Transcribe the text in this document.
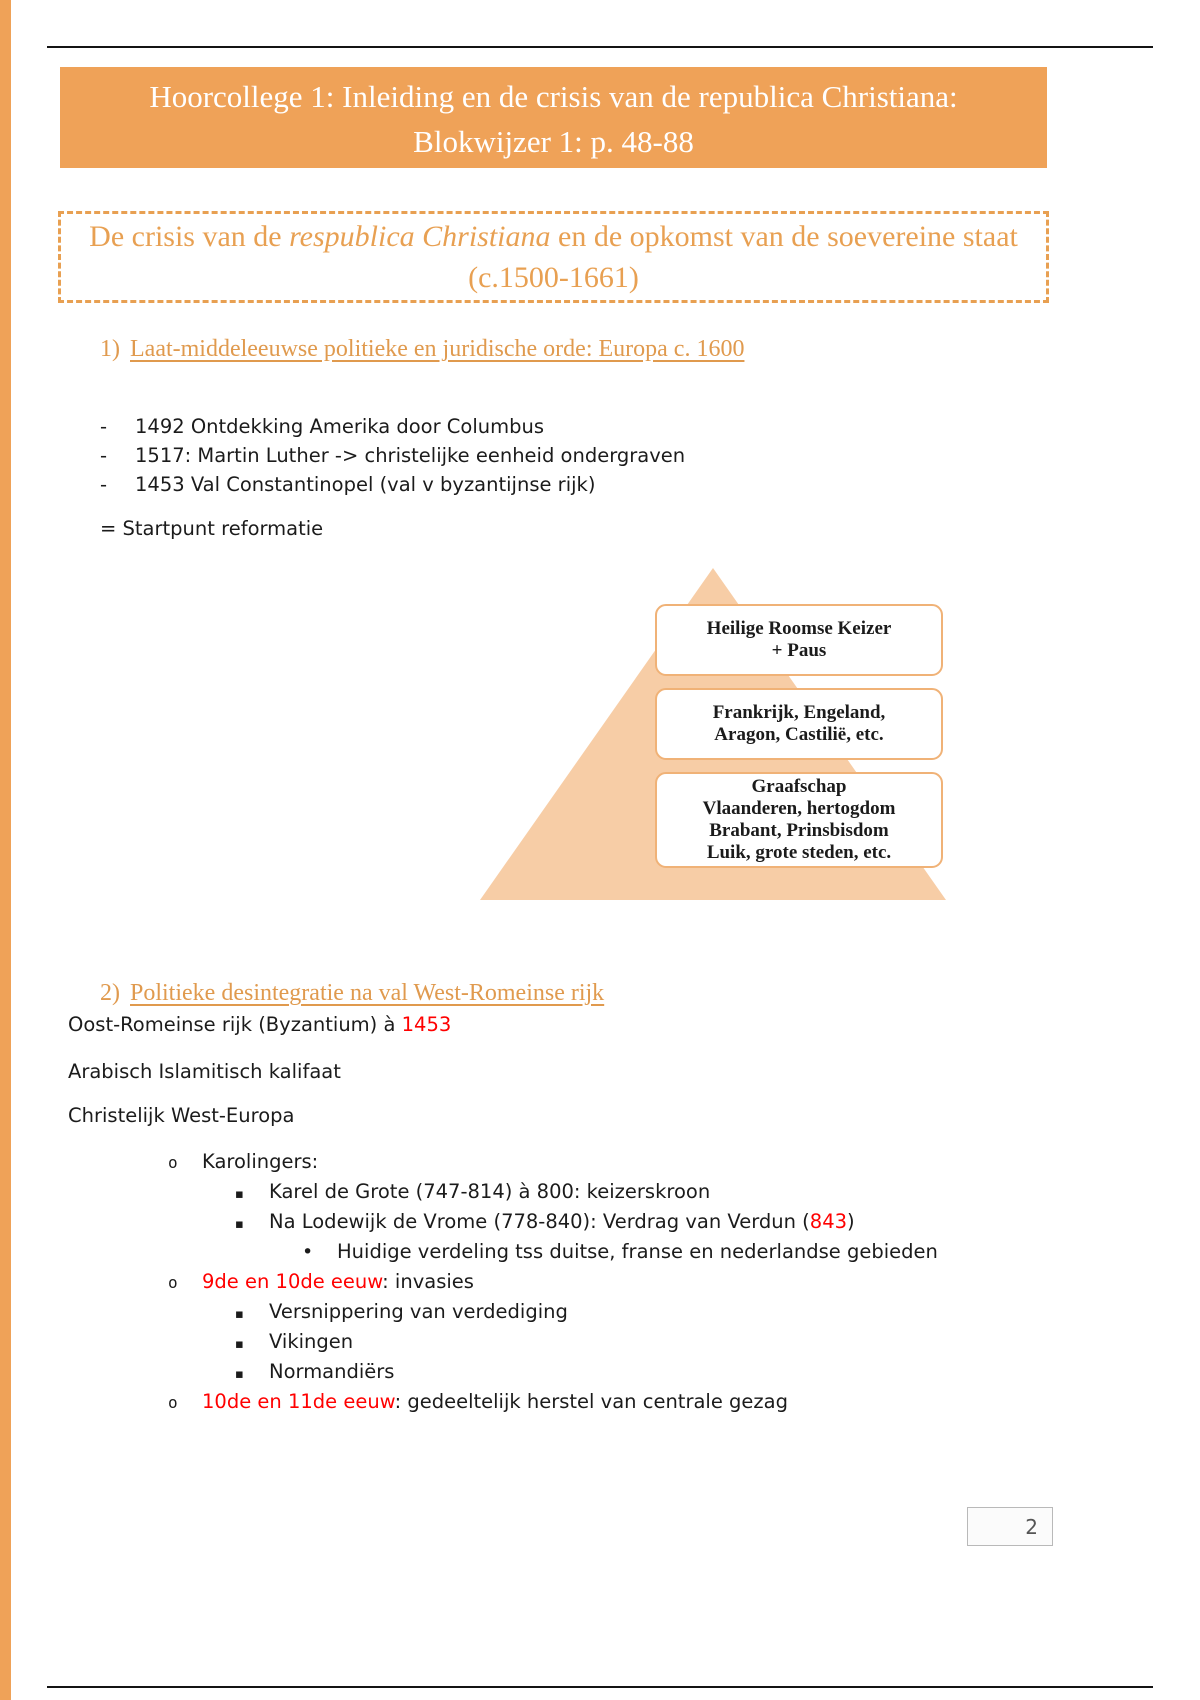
Hoorcollege 1: Inleiding en de crisis van de republica Christiana:
Blokwijzer 1: p. 48-88
De crisis van de respublica Christiana en de opkomst van de soevereine staat
(c.1500-1661)
1) Laat-middeleeuwse politieke en juridische orde: Europa c. 1600
-	1492 Ontdekking Amerika door Columbus
-	1517: Martin Luther -> christelijke eenheid ondergraven
-	1453 Val Constantinopel (val v byzantijnse rijk)
= Startpunt reformatie
Heilige Roomse Keizer
+ Paus
Frankrijk, Engeland,
Aragon, Castilië, etc.
Graafschap
Vlaanderen, hertogdom
Brabant, Prinsbisdom
Luik, grote steden, etc.
2) Politieke desintegratie na val West-Romeinse rijk
Oost-Romeinse rijk (Byzantium) à 1453
Arabisch Islamitisch kalifaat
Christelijk West-Europa
o	Karolingers:
▪	Karel de Grote (747-814) à 800: keizerskroon
▪	Na Lodewijk de Vrome (778-840): Verdrag van Verdun (843)
•	Huidige verdeling tss duitse, franse en nederlandse gebieden
o	9de en 10de eeuw: invasies
▪	Versnippering van verdediging
▪	Vikingen
▪	Normandiërs
o	10de en 11de eeuw: gedeeltelijk herstel van centrale gezag
2
